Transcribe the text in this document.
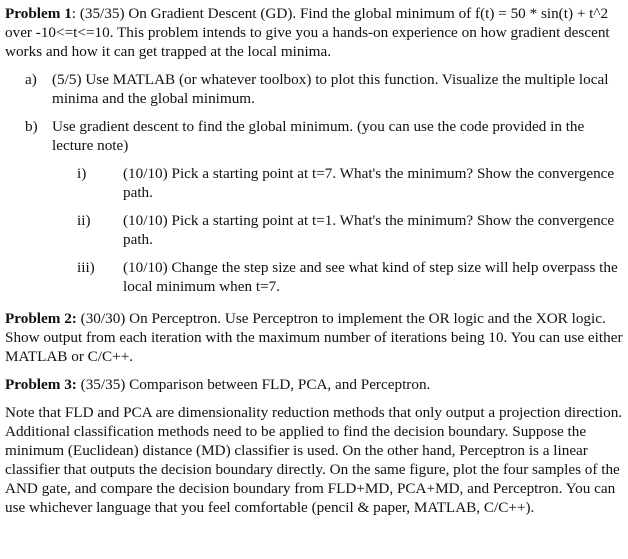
Problem 1: (35/35) On Gradient Descent (GD). Find the global minimum of f(t) = 50 * sin(t) + t^2 over -10<=t<=10. This problem intends to give you a hands-on experience on how gradient descent works and how it can get trapped at the local minima.

a) (5/5) Use MATLAB (or whatever toolbox) to plot this function. Visualize the multiple local minima and the global minimum.

b) Use gradient descent to find the global minimum. (you can use the code provided in the lecture note)

i) (10/10) Pick a starting point at t=7. What's the minimum? Show the convergence path.

ii) (10/10) Pick a starting point at t=1. What's the minimum? Show the convergence path.

iii) (10/10) Change the step size and see what kind of step size will help overpass the local minimum when t=7.

Problem 2: (30/30) On Perceptron. Use Perceptron to implement the OR logic and the XOR logic. Show output from each iteration with the maximum number of iterations being 10. You can use either MATLAB or C/C++.

Problem 3: (35/35) Comparison between FLD, PCA, and Perceptron.

Note that FLD and PCA are dimensionality reduction methods that only output a projection direction. Additional classification methods need to be applied to find the decision boundary. Suppose the minimum (Euclidean) distance (MD) classifier is used. On the other hand, Perceptron is a linear classifier that outputs the decision boundary directly. On the same figure, plot the four samples of the AND gate, and compare the decision boundary from FLD+MD, PCA+MD, and Perceptron. You can use whichever language that you feel comfortable (pencil & paper, MATLAB, C/C++).
